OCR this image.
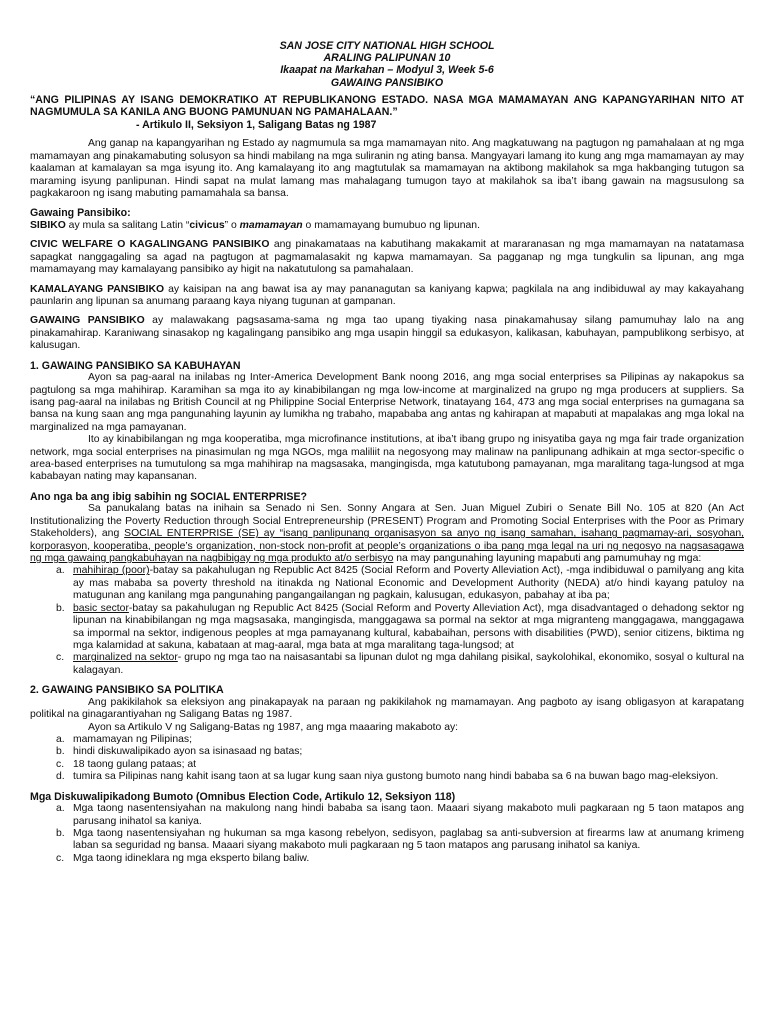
SAN JOSE CITY NATIONAL HIGH SCHOOL
ARALING PALIPUNAN 10
Ikaapat na Markahan – Modyul 3, Week 5-6
GAWAING PANSIBIKO
“ANG PILIPINAS AY ISANG DEMOKRATIKO AT REPUBLIKANONG ESTADO. NASA MGA MAMAMAYAN ANG KAPANGYARIHAN NITO AT NAGMUMULA SA KANILA ANG BUONG PAMUNUAN NG PAMAHALAAN.”
- Artikulo II, Seksiyon 1, Saligang Batas ng 1987

Ang ganap na kapangyarihan ng Estado ay nagmumula sa mga mamamayan nito. Ang magkatuwang na pagtugon ng pamahalaan at ng mga mamamayan ang pinakamabuting solusyon sa hindi mabilang na mga suliranin ng ating bansa. Mangyayari lamang ito kung ang mga mamamayan ay may kaalaman at kamalayan sa mga isyung ito. Ang kamalayang ito ang magtutulak sa mamamayan na aktibong makilahok sa mga hakbanging tutugon sa maraming isyung panlipunan. Hindi sapat na mulat lamang mas mahalagang tumugon tayo at makilahok sa iba’t ibang gawain na magsusulong sa pagkakaroon ng isang mabuting pamamahala sa bansa.

Gawaing Pansibiko:

SIBIKO ay mula sa salitang Latin “civicus” o mamamayan o mamamayang bumubuo ng lipunan.

CIVIC WELFARE O KAGALINGANG PANSIBIKO ang pinakamataas na kabutihang makakamit at mararanasan ng mga mamamayan na natatamasa sapagkat nanggagaling sa agad na pagtugon at pagmamalasakit ng kapwa mamamayan. Sa pagganap ng mga tungkulin sa lipunan, ang mga mamamayang may kamalayang pansibiko ay higit na nakatutulong sa pamahalaan.

KAMALAYANG PANSIBIKO ay kaisipan na ang bawat isa ay may pananagutan sa kaniyang kapwa; pagkilala na ang indibiduwal ay may kakayahang paunlarin ang lipunan sa anumang paraang kaya niyang tugunan at gampanan.

GAWAING PANSIBIKO ay malawakang pagsasama-sama ng mga tao upang tiyaking nasa pinakamahusay silang pamumuhay lalo na ang pinakamahirap. Karaniwang sinasakop ng kagalingang pansibiko ang mga usapin hinggil sa edukasyon, kalikasan, kabuhayan, pampublikong serbisyo, at kalusugan.

1. GAWAING PANSIBIKO SA KABUHAYAN

Ayon sa pag-aaral na inilabas ng Inter-America Development Bank noong 2016, ang mga social enterprises sa Pilipinas ay nakapokus sa pagtulong sa mga mahihirap. Karamihan sa mga ito ay kinabibilangan ng mga low-income at marginalized na grupo ng mga producers at suppliers. Sa isang pag-aaral na inilabas ng British Council at ng Philippine Social Enterprise Network, tinatayang 164, 473 ang mga social enterprises na gumagana sa bansa na kung saan ang mga pangunahing layunin ay lumikha ng trabaho, mapababa ang antas ng kahirapan at mapabuti at mapalakas ang mga lokal na marginalized na mga pamayanan.

Ito ay kinabibilangan ng mga kooperatiba, mga microfinance institutions, at iba’t ibang grupo ng inisyatiba gaya ng mga fair trade organization network, mga social enterprises na pinasimulan ng mga NGOs, mga maliliit na negosyong may malinaw na panlipunang adhikain at mga sector-specific o area-based enterprises na tumutulong sa mga mahihirap na magsasaka, mangingisda, mga katutubong pamayanan, mga maralitang taga-lungsod at mga kababayan nating may kapansanan.

Ano nga ba ang ibig sabihin ng SOCIAL ENTERPRISE?

Sa panukalang batas na inihain sa Senado ni Sen. Sonny Angara at Sen. Juan Miguel Zubiri o Senate Bill No. 105 at 820 (An Act Institutionalizing the Poverty Reduction through Social Entrepreneurship (PRESENT) Program and Promoting Social Enterprises with the Poor as Primary Stakeholders), ang SOCIAL ENTERPRISE (SE) ay “isang panlipunang organisasyon sa anyo ng isang samahan, isahang pagmamay-ari, sosyohan, korporasyon, kooperatiba, people’s organization, non-stock non-profit at people’s organizations o iba pang mga legal na uri ng negosyo na nagsasagawa ng mga gawaing pangkabuhayan na nagbibigay ng mga produkto at/o serbisyo na may pangunahing layuning mapabuti ang pamumuhay ng mga:

a. mahihirap (poor)-batay sa pakahulugan ng Republic Act 8425 (Social Reform and Poverty Alleviation Act), -mga indibiduwal o pamilyang ang kita ay mas mababa sa poverty threshold na itinakda ng National Economic and Development Authority (NEDA) at/o hindi kayang patuloy na matugunan ang kanilang mga pangunahing pangangailangan ng pagkain, kalusugan, edukasyon, pabahay at iba pa;
b. basic sector-batay sa pakahulugan ng Republic Act 8425 (Social Reform and Poverty Alleviation Act), mga disadvantaged o dehadong sektor ng lipunan na kinabibilangan ng mga magsasaka, mangingisda, manggagawa sa pormal na sektor at mga migranteng manggagawa, manggagawa sa impormal na sektor, indigenous peoples at mga pamayanang kultural, kababaihan, persons with disabilities (PWD), senior citizens, biktima ng mga kalamidad at sakuna, kabataan at mag-aaral, mga bata at mga maralitang taga-lungsod; at
c. marginalized na sektor- grupo ng mga tao na naisasantabi sa lipunan dulot ng mga dahilang pisikal, saykolohikal, ekonomiko, sosyal o kultural na kalagayan.
2. GAWAING PANSIBIKO SA POLITIKA

Ang pakikilahok sa eleksiyon ang pinakapayak na paraan ng pakikilahok ng mamamayan. Ang pagboto ay isang obligasyon at karapatang politikal na ginagarantiyahan ng Saligang Batas ng 1987.

Ayon sa Artikulo V ng Saligang-Batas ng 1987, ang mga maaaring makaboto ay:

a. mamamayan ng Pilipinas;
b. hindi diskuwalipikado ayon sa isinasaad ng batas;
c. 18 taong gulang pataas; at
d. tumira sa Pilipinas nang kahit isang taon at sa lugar kung saan niya gustong bumoto nang hindi bababa sa 6 na buwan bago mag-eleksiyon.
Mga Diskuwalipikadong Bumoto (Omnibus Election Code, Artikulo 12, Seksiyon 118)
a. Mga taong nasentensiyahan na makulong nang hindi bababa sa isang taon. Maaari siyang makaboto muli pagkaraan ng 5 taon matapos ang parusang inihatol sa kaniya.
b. Mga taong nasentensiyahan ng hukuman sa mga kasong rebelyon, sedisyon, paglabag sa anti-subversion at firearms law at anumang krimeng laban sa seguridad ng bansa. Maaari siyang makaboto muli pagkaraan ng 5 taon matapos ang parusang inihatol sa kaniya.
c. Mga taong idineklara ng mga eksperto bilang baliw.
